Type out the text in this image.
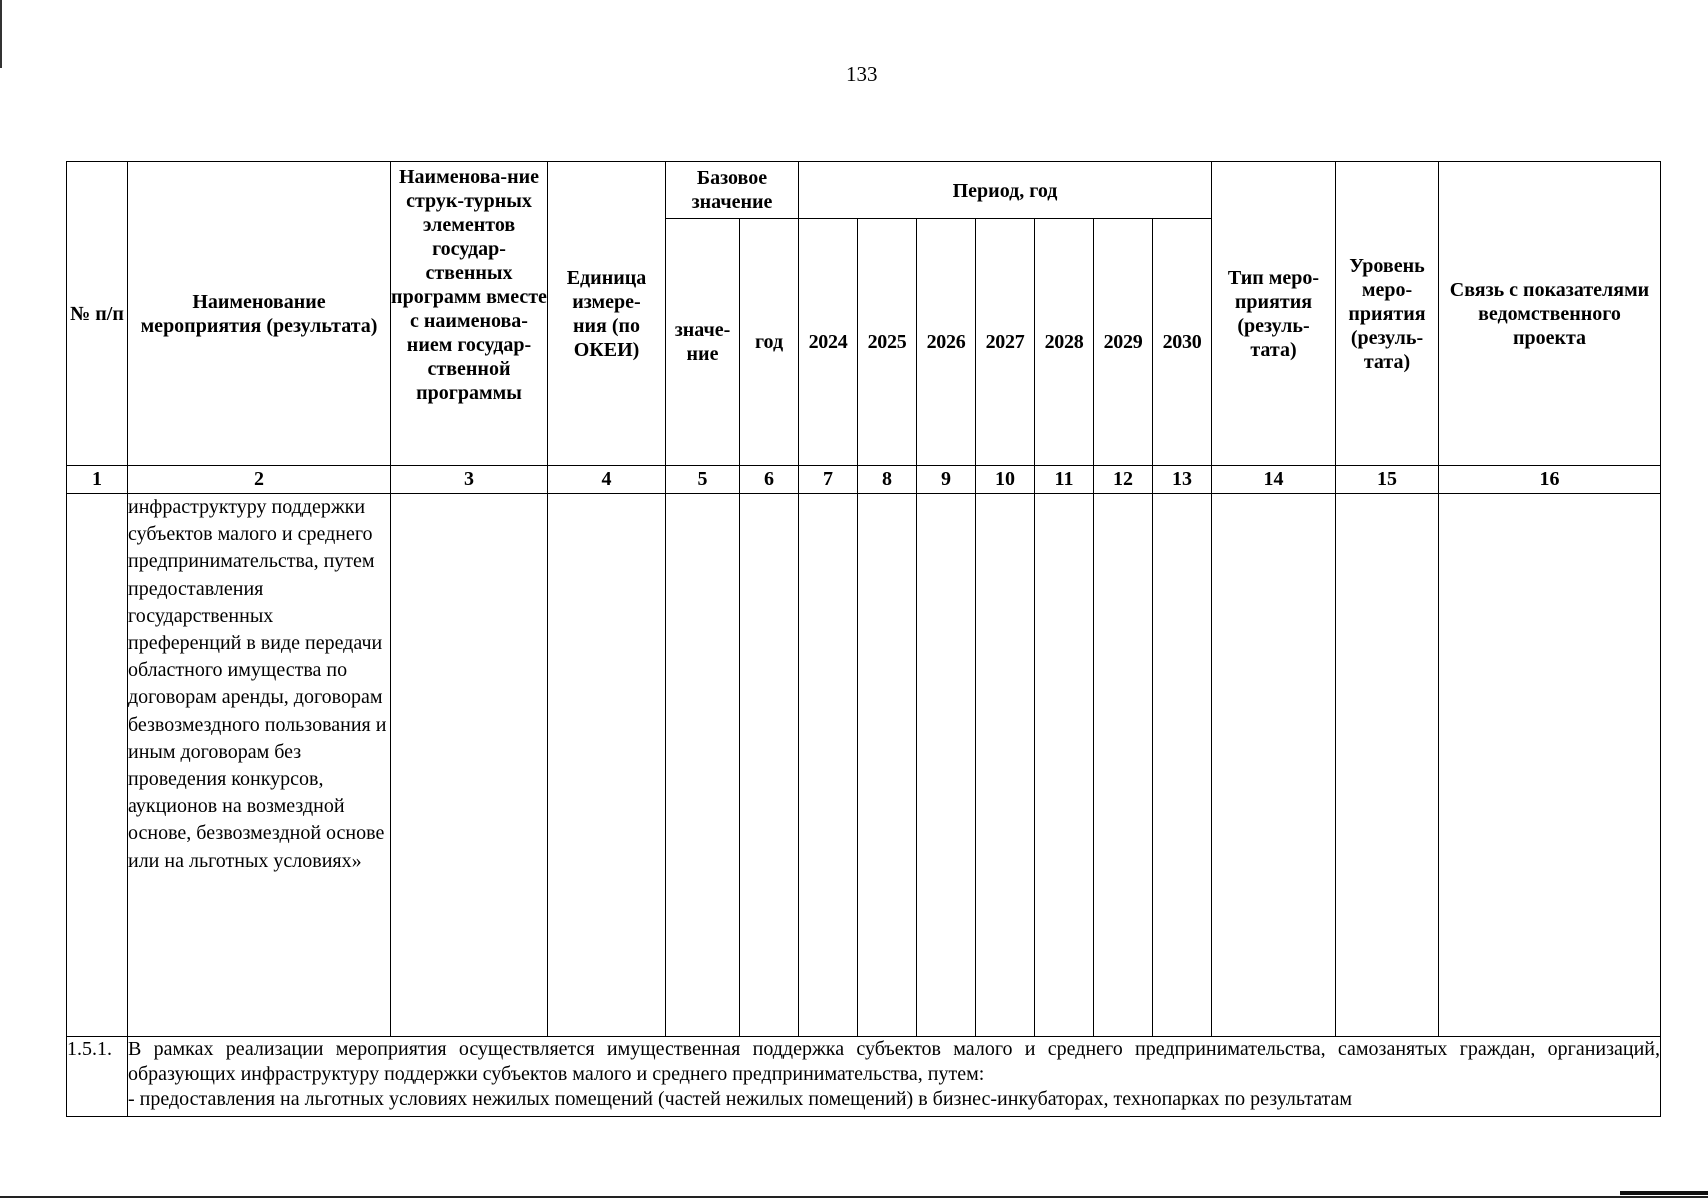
133
№ п/п	Наименование мероприятия (результата)	Наименова-ние струк-турных элементов государ-ственных программ вместе с наименова-нием государ-ственной программы	Единица измере-ния (по ОКЕИ)	Базовое значение		Период, год							Тип меро-приятия (резуль-тата)	Уровень меро-приятия (резуль-тата)	Связь с показателями ведомственного проекта
				значе-ние	год	2024	2025	2026	2027	2028	2029	2030			
1	2	3	4	5	6	7	8	9	10	11	12	13	14	15	16
	инфраструктуру поддержки субъектов малого и среднего предпринимательства, путем предоставления государственных преференций в виде передачи областного имущества по договорам аренды, договорам безвозмездного пользования и иным договорам без проведения конкурсов, аукционов на возмездной основе, безвозмездной основе или на льготных условиях»														
1.5.1.	В рамках реализации мероприятия осуществляется имущественная поддержка субъектов малого и среднего предпринимательства, самозанятых граждан, организаций, образующих инфраструктуру поддержки субъектов малого и среднего предпринимательства, путем:
- предоставления на льготных условиях нежилых помещений (частей нежилых помещений) в бизнес-инкубаторах, технопарках по результатам														
